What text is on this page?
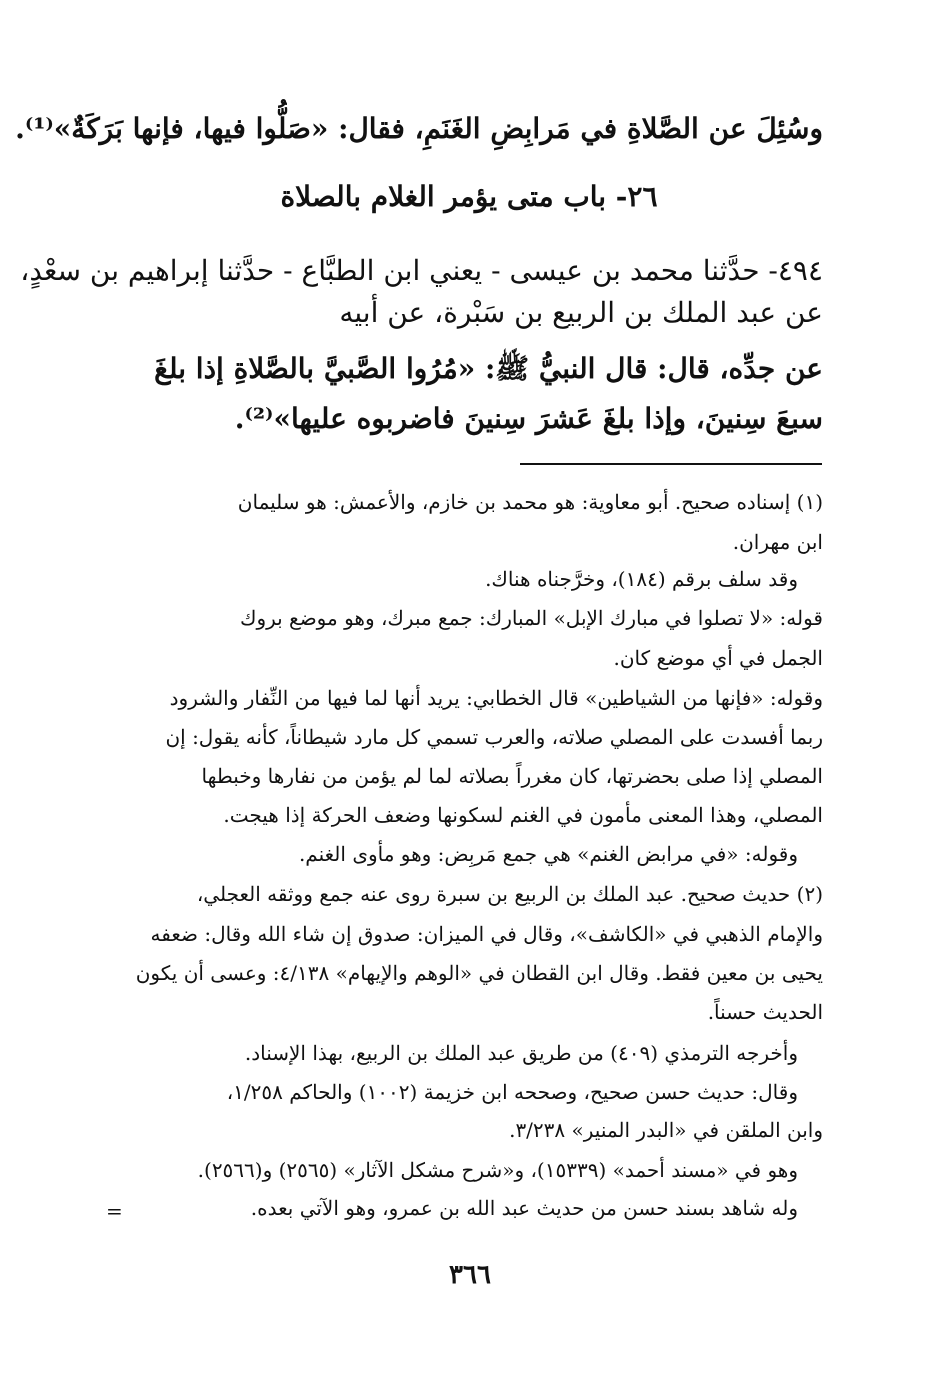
وسُئِلَ عن الصَّلاةِ في مَرابِضِ الغَنَمِ، فقال: «صَلُّوا فيها، فإنها بَرَكَةٌ»⁽¹⁾.
٢٦- باب متى يؤمر الغلام بالصلاة
٤٩٤- حدَّثنا محمد بن عيسى - يعني ابن الطبَّاع - حدَّثنا إبراهيم بن سعْدٍ،
عن عبد الملك بن الربيع بن سَبْرة، عن أبيه
عن جدِّه، قال: قال النبيُّ ﷺ: «مُرُوا الصَّبيَّ بالصَّلاةِ إذا بلغَ
سبعَ سِنينَ، وإذا بلغَ عَشرَ سِنينَ فاضربوه عليها»⁽²⁾.
(١) إسناده صحيح. أبو معاوية: هو محمد بن خازم، والأعمش: هو سليمان
ابن مهران.
وقد سلف برقم (١٨٤)، وخرَّجناه هناك.
قوله: «لا تصلوا في مبارك الإبل» المبارك: جمع مبرك، وهو موضع بروك
الجمل في أي موضع كان.
وقوله: «فإنها من الشياطين» قال الخطابي: يريد أنها لما فيها من النِّفار والشرود
ربما أفسدت على المصلي صلاته، والعرب تسمي كل مارد شيطاناً، كأنه يقول: إن
المصلي إذا صلى بحضرتها، كان مغرراً بصلاته لما لم يؤمن من نفارها وخبطها
المصلي، وهذا المعنى مأمون في الغنم لسكونها وضعف الحركة إذا هيجت.
وقوله: «في مرابض الغنم» هي جمع مَربِض: وهو مأوى الغنم.
(٢) حديث صحيح. عبد الملك بن الربيع بن سبرة روى عنه جمع ووثقه العجلي،
والإمام الذهبي في «الكاشف»، وقال في الميزان: صدوق إن شاء الله وقال: ضعفه
يحيى بن معين فقط. وقال ابن القطان في «الوهم والإيهام» ٤/١٣٨: وعسى أن يكون
الحديث حسناً.
وأخرجه الترمذي (٤٠٩) من طريق عبد الملك بن الربيع، بهذا الإسناد.
وقال: حديث حسن صحيح، وصححه ابن خزيمة (١٠٠٢) والحاكم ١/٢٥٨،
وابن الملقن في «البدر المنير» ٣/٢٣٨.
وهو في «مسند أحمد» (١٥٣٣٩)، و«شرح مشكل الآثار» (٢٥٦٥) و(٢٥٦٦).
وله شاهد بسند حسن من حديث عبد الله بن عمرو، وهو الآتي بعده.
=
٣٦٦
